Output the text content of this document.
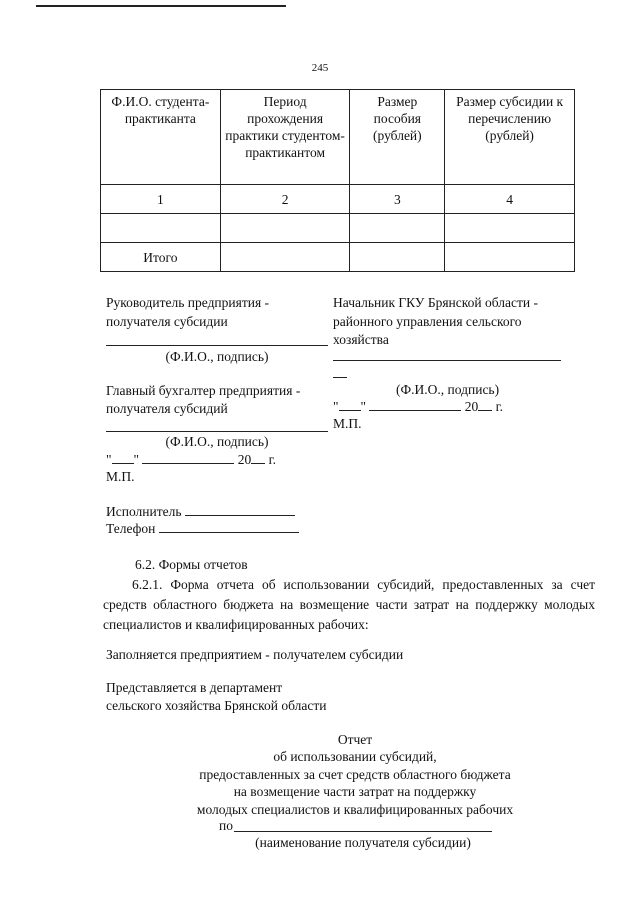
245
Ф.И.О. студента-практиканта	Период прохождения практики студентом-практикантом	Размер пособия (рублей)	Размер субсидии к перечислению (рублей)
1	2	3	4

Итого			
Руководитель предприятия -
получателя субсидии
(Ф.И.О., подпись)
Главный бухгалтер предприятия -
получателя субсидий
(Ф.И.О., подпись)
" "	20 г.
М.П.
Начальник ГКУ Брянской области -
районного управления сельского
хозяйства
(Ф.И.О., подпись)
" "	20 г.
М.П.
Исполнитель
Телефон
6.2. Формы отчетов
6.2.1. Форма отчета об использовании субсидий, предоставленных за счет средств областного бюджета на возмещение части затрат на поддержку молодых специалистов и квалифицированных рабочих:
Заполняется предприятием - получателем субсидии
Представляется в департамент
сельского хозяйства Брянской области
Отчет
об использовании субсидий,
предоставленных за счет средств областного бюджета
на возмещение части затрат на поддержку
молодых специалистов и квалифицированных рабочих
по
(наименование получателя субсидии)
